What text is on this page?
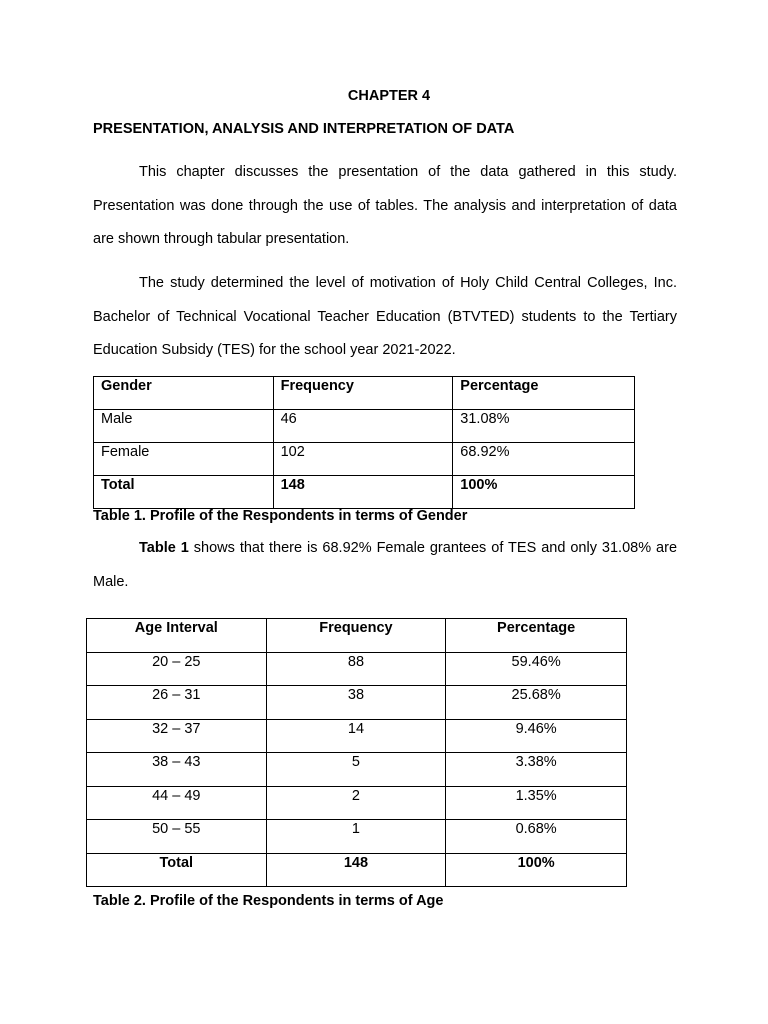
CHAPTER 4
PRESENTATION, ANALYSIS AND INTERPRETATION OF DATA

This chapter discusses the presentation of the data gathered in this study. Presentation was done through the use of tables. The analysis and interpretation of data are shown through tabular presentation.

The study determined the level of motivation of Holy Child Central Colleges, Inc. Bachelor of Technical Vocational Teacher Education (BTVTED) students to the Tertiary Education Subsidy (TES) for the school year 2021-2022.

Gender	Frequency	Percentage
Male	46	31.08%
Female	102	68.92%
Total	148	100%
Table 1. Profile of the Respondents in terms of Gender

Table 1 shows that there is 68.92% Female grantees of TES and only 31.08% are Male.

Age Interval	Frequency	Percentage
20 – 25	88	59.46%
26 – 31	38	25.68%
32 – 37	14	9.46%
38 – 43	5	3.38%
44 – 49	2	1.35%
50 – 55	1	0.68%
Total	148	100%
Table 2. Profile of the Respondents in terms of Age
